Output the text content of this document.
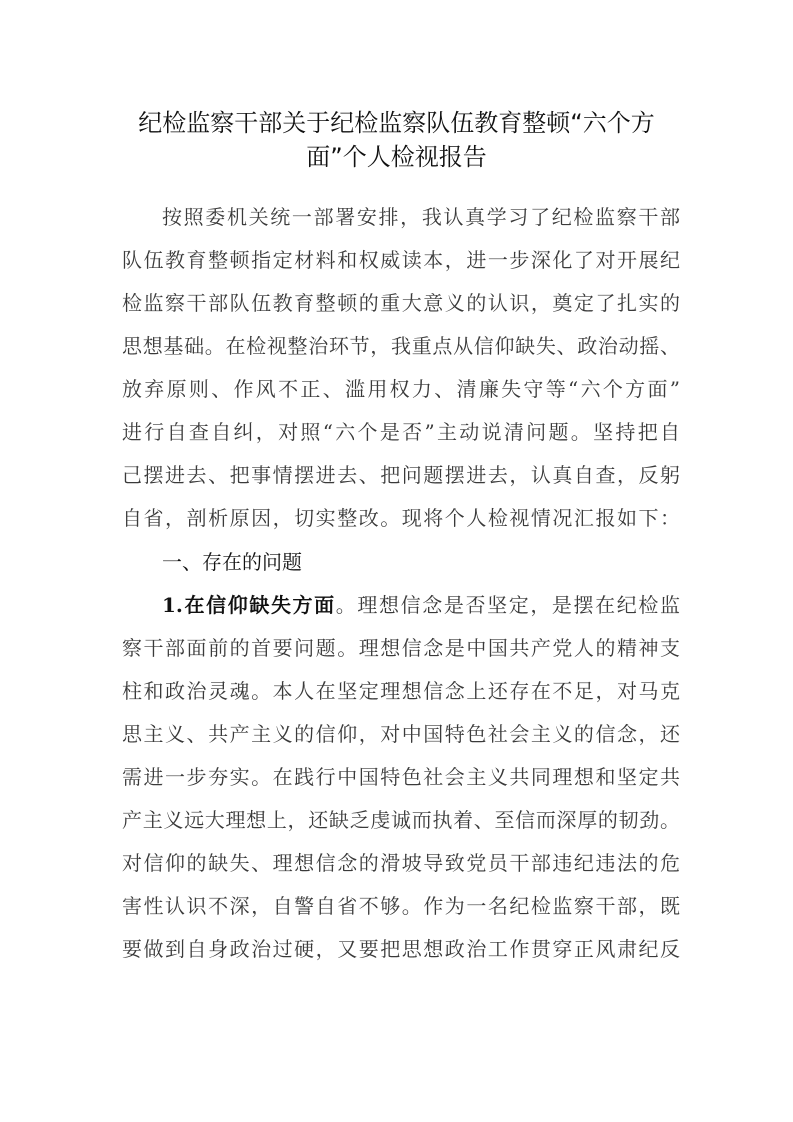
纪检监察干部关于纪检监察队伍教育整顿“六个方
面”个人检视报告
按照委机关统一部署安排，我认真学习了纪检监察干部
队伍教育整顿指定材料和权威读本，进一步深化了对开展纪
检监察干部队伍教育整顿的重大意义的认识，奠定了扎实的
思想基础。在检视整治环节，我重点从信仰缺失、政治动摇、
放弃原则、作风不正、滥用权力、清廉失守等“六个方面”
进行自查自纠，对照“六个是否”主动说清问题。坚持把自
己摆进去、把事情摆进去、把问题摆进去，认真自查，反躬
自省，剖析原因，切实整改。现将个人检视情况汇报如下：
一、存在的问题
1.在信仰缺失方面。理想信念是否坚定，是摆在纪检监
察干部面前的首要问题。理想信念是中国共产党人的精神支
柱和政治灵魂。本人在坚定理想信念上还存在不足，对马克
思主义、共产主义的信仰，对中国特色社会主义的信念，还
需进一步夯实。在践行中国特色社会主义共同理想和坚定共
产主义远大理想上，还缺乏虔诚而执着、至信而深厚的韧劲。
对信仰的缺失、理想信念的滑坡导致党员干部违纪违法的危
害性认识不深，自警自省不够。作为一名纪检监察干部，既
要做到自身政治过硬，又要把思想政治工作贯穿正风肃纪反
